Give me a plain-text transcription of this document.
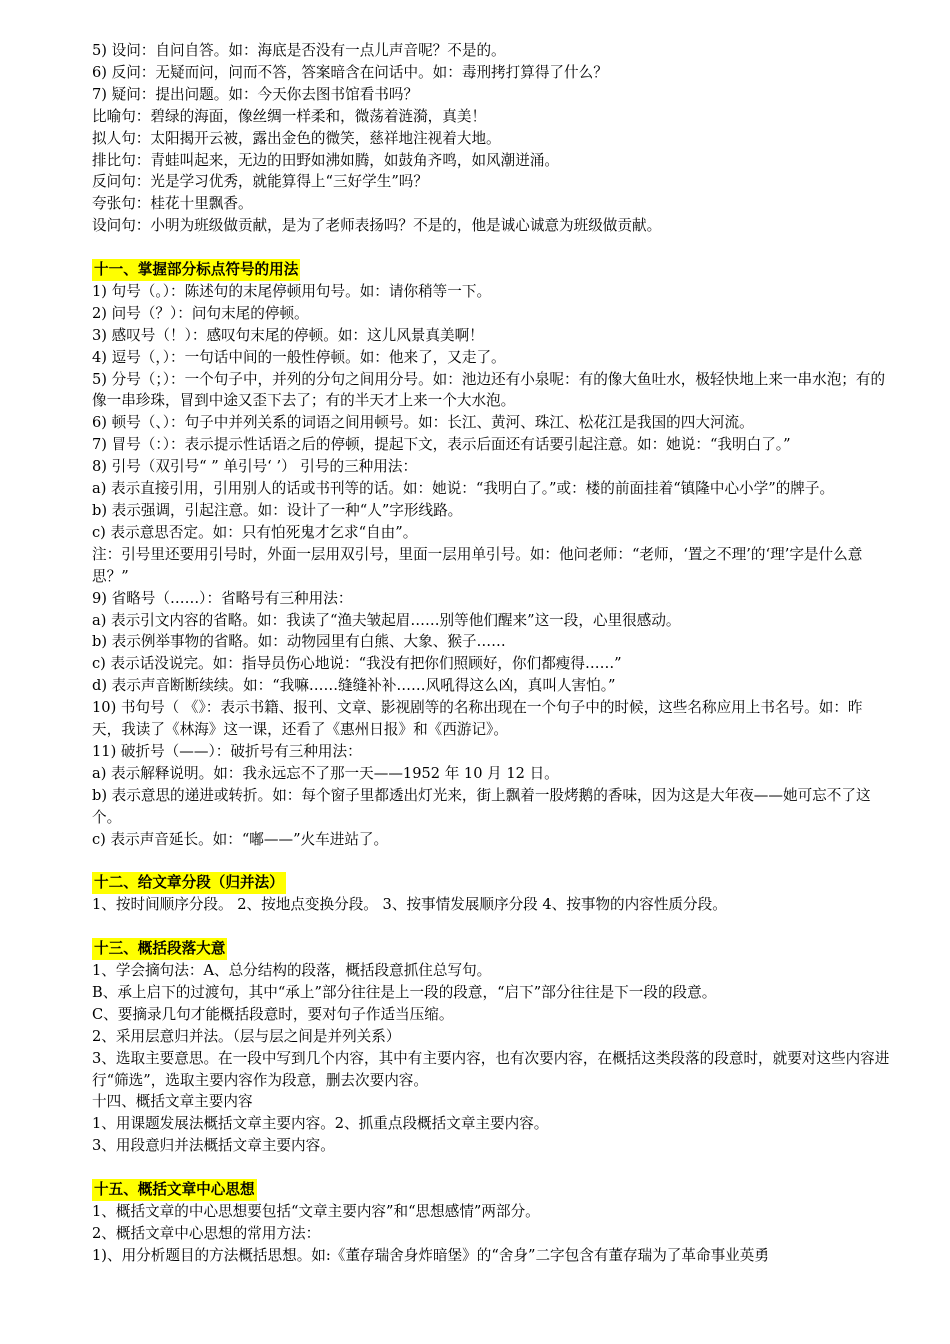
5) 设问：自问自答。如：海底是否没有一点儿声音呢？不是的。
6) 反问：无疑而问，问而不答，答案暗含在问话中。如：毒刑拷打算得了什么？
7) 疑问：提出问题。如：今天你去图书馆看书吗？
比喻句：碧绿的海面，像丝绸一样柔和，微荡着涟漪，真美！
拟人句：太阳揭开云被，露出金色的微笑，慈祥地注视着大地。
排比句：青蛙叫起来，无边的田野如沸如腾，如鼓角齐鸣，如风潮迸涌。
反问句：光是学习优秀，就能算得上“三好学生”吗？
夸张句：桂花十里飘香。
设问句：小明为班级做贡献，是为了老师表扬吗？不是的，他是诚心诚意为班级做贡献。
十一、掌握部分标点符号的用法
1) 句号（。）：陈述句的末尾停顿用句号。如：请你稍等一下。
2) 问号（？）：问句末尾的停顿。
3) 感叹号（！）：感叹句末尾的停顿。如：这儿风景真美啊！
4) 逗号（，）：一句话中间的一般性停顿。如：他来了，又走了。
5) 分号（；）：一个句子中，并列的分句之间用分号。如：池边还有小泉呢：有的像大鱼吐水，极轻快地上来一串水泡；有的像一串珍珠，冒到中途又歪下去了；有的半天才上来一个大水泡。
6) 顿号（、）：句子中并列关系的词语之间用顿号。如：长江、黄河、珠江、松花江是我国的四大河流。
7) 冒号（：）：表示提示性话语之后的停顿，提起下文，表示后面还有话要引起注意。如：她说：“我明白了。”
8) 引号（双引号“ ” 单引号‘ ’） 引号的三种用法：
a) 表示直接引用，引用别人的话或书刊等的话。如：她说：“我明白了。”或：楼的前面挂着“镇隆中心小学”的牌子。
b) 表示强调，引起注意。如：设计了一种“人”字形线路。
c) 表示意思否定。如：只有怕死鬼才乞求“自由”。
注：引号里还要用引号时，外面一层用双引号，里面一层用单引号。如：他问老师：“老师，‘置之不理’的‘理’字是什么意思？”
9) 省略号（……）：省略号有三种用法：
a) 表示引文内容的省略。如：我读了“渔夫皱起眉……别等他们醒来”这一段，心里很感动。
b) 表示例举事物的省略。如：动物园里有白熊、大象、猴子……
c) 表示话没说完。如：指导员伤心地说：“我没有把你们照顾好，你们都瘦得……”
d) 表示声音断断续续。如：“我嘛……缝缝补补……风吼得这么凶，真叫人害怕。”
10) 书句号（ 《》：表示书籍、报刊、文章、影视剧等的名称出现在一个句子中的时候，这些名称应用上书名号。如：昨天，我读了《林海》这一课，还看了《惠州日报》和《西游记》。
11) 破折号（——）：破折号有三种用法：
a) 表示解释说明。如：我永远忘不了那一天——1952 年 10 月 12 日。
b) 表示意思的递进或转折。如：每个窗子里都透出灯光来，街上飘着一股烤鹅的香味，因为这是大年夜——她可忘不了这个。
c) 表示声音延长。如：“嘟——”火车进站了。
十二、给文章分段（归并法）
1、按时间顺序分段。 2、按地点变换分段。 3、按事情发展顺序分段 4、按事物的内容性质分段。
十三、概括段落大意
1、学会摘句法：A、总分结构的段落，概括段意抓住总写句。
B、承上启下的过渡句，其中“承上”部分往往是上一段的段意，“启下”部分往往是下一段的段意。
C、要摘录几句才能概括段意时，要对句子作适当压缩。
2、采用层意归并法。（层与层之间是并列关系）
3、选取主要意思。在一段中写到几个内容，其中有主要内容，也有次要内容，在概括这类段落的段意时，就要对这些内容进行“筛选”，选取主要内容作为段意，删去次要内容。
十四、概括文章主要内容
1、用课题发展法概括文章主要内容。2、抓重点段概括文章主要内容。
3、用段意归并法概括文章主要内容。
十五、概括文章中心思想
1、概括文章的中心思想要包括“文章主要内容”和“思想感情”两部分。
2、概括文章中心思想的常用方法：
1)、用分析题目的方法概括思想。如:《董存瑞舍身炸暗堡》的“舍身”二字包含有董存瑞为了革命事业英勇
